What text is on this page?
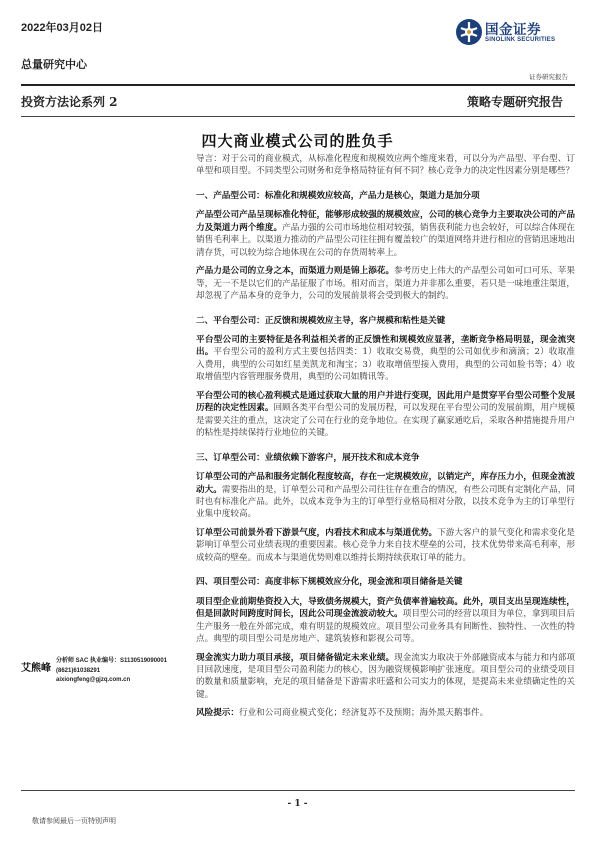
2022年03月02日
总量研究中心
国金证券
SINOLINK SECURITIES
证券研究报告
投资方法论系列 2	策略专题研究报告
四大商业模式公司的胜负手

导言：对于公司的商业模式，从标准化程度和规模效应两个维度来看，可以分为产品型、平台型、订单型和项目型。不同类型公司财务和竞争格局特征有何不同？核心竞争力的决定性因素分别是哪些？

一、产品型公司：标准化和规模效应较高，产品力是核心，渠道力是加分项

产品型公司产品呈现标准化特征，能够形成较强的规模效应，公司的核心竞争力主要取决公司的产品力及渠道力两个维度。产品力强的公司市场地位相对较强，销售获利能力也会较好，可以综合体现在销售毛利率上。以渠道力推动的产品型公司往往拥有覆盖较广的渠道网络并进行相应的营销迅速地出清存货，可以较为综合地体现在公司的存货周转率上。

产品力是公司的立身之本，而渠道力则是锦上添花。参考历史上伟大的产品型公司如可口可乐、苹果等，无一不是以它们的产品征服了市场。相对而言，渠道力并非那么重要，若只是一味地重注渠道，却忽视了产品本身的竞争力，公司的发展前景将会受到极大的制约。

二、平台型公司：正反馈和规模效应主导，客户规模和粘性是关键

平台型公司的主要特征是各利益相关者的正反馈性和规模效应显著，垄断竞争格局明显，现金流突出。平台型公司的盈利方式主要包括四类：1）收取交易费，典型的公司如优步和滴滴；2）收取准入费用，典型的公司如红星美凯龙和淘宝；3）收取增值型接入费用，典型的公司如脸书等；4）收取增值型内容管理服务费用，典型的公司如腾讯等。

平台型公司的核心盈利模式是通过获取大量的用户并进行变现，因此用户是贯穿平台型公司整个发展历程的决定性因素。回顾各类平台型公司的发展历程，可以发现在平台型公司的发展前期，用户规模是需要关注的重点，这决定了公司在行业的竞争地位。在实现了赢家通吃后，采取各种措施提升用户的粘性是持续保持行业地位的关键。

三、订单型公司：业绩依赖下游客户，展开技术和成本竞争

订单型公司的产品和服务定制化程度较高，存在一定规模效应，以销定产，库存压力小，但现金流波动大。需要指出的是，订单型公司和产品型公司往往存在重合的情况，有些公司既有定制化产品，同时也有标准化产品。此外，以成本竞争为主的订单型行业格局相对分散，以技术竞争为主的订单型行业集中度较高。

订单型公司前景外看下游景气度，内看技术和成本与渠道优势。下游大客户的景气变化和需求变化是影响订单型公司业绩表现的重要因素。核心竞争力来自技术壁垒的公司，技术优势带来高毛利率，形成较高的壁垒。而成本与渠道优势则难以维持长期持续获取订单的能力。

四、项目型公司：高度非标下规模效应分化，现金流和项目储备是关键

项目型企业前期垫资投入大，导致债务规模大，资产负债率普遍较高。此外，项目支出呈现连续性，但是回款时间跨度时间长，因此公司现金流波动较大。项目型公司的经营以项目为单位，拿到项目后生产服务一般在外部完成，难有明显的规模效应。项目型公司业务具有间断性、独特性、一次性的特点。典型的项目型公司是房地产、建筑装修和影视公司等。

现金流实力助力项目承接，项目储备锚定未来业绩。现金流实力取决于外部融资成本与能力和内部项目回款速度，是项目型公司盈利能力的核心，因为融资规模影响扩张速度。项目型公司的业绩受项目的数量和质量影响，充足的项目储备是下游需求旺盛和公司实力的体现，是提高未来业绩确定性的关键。

风险提示：行业和公司商业模式变化；经济复苏不及预期；海外黑天鹅事件。

艾熊峰
分析师 SAC 执业编号：S1130519090001
(8621)61038291
aixiongfeng@gjzq.com.cn
- 1 -
敬请参阅最后一页特别声明
